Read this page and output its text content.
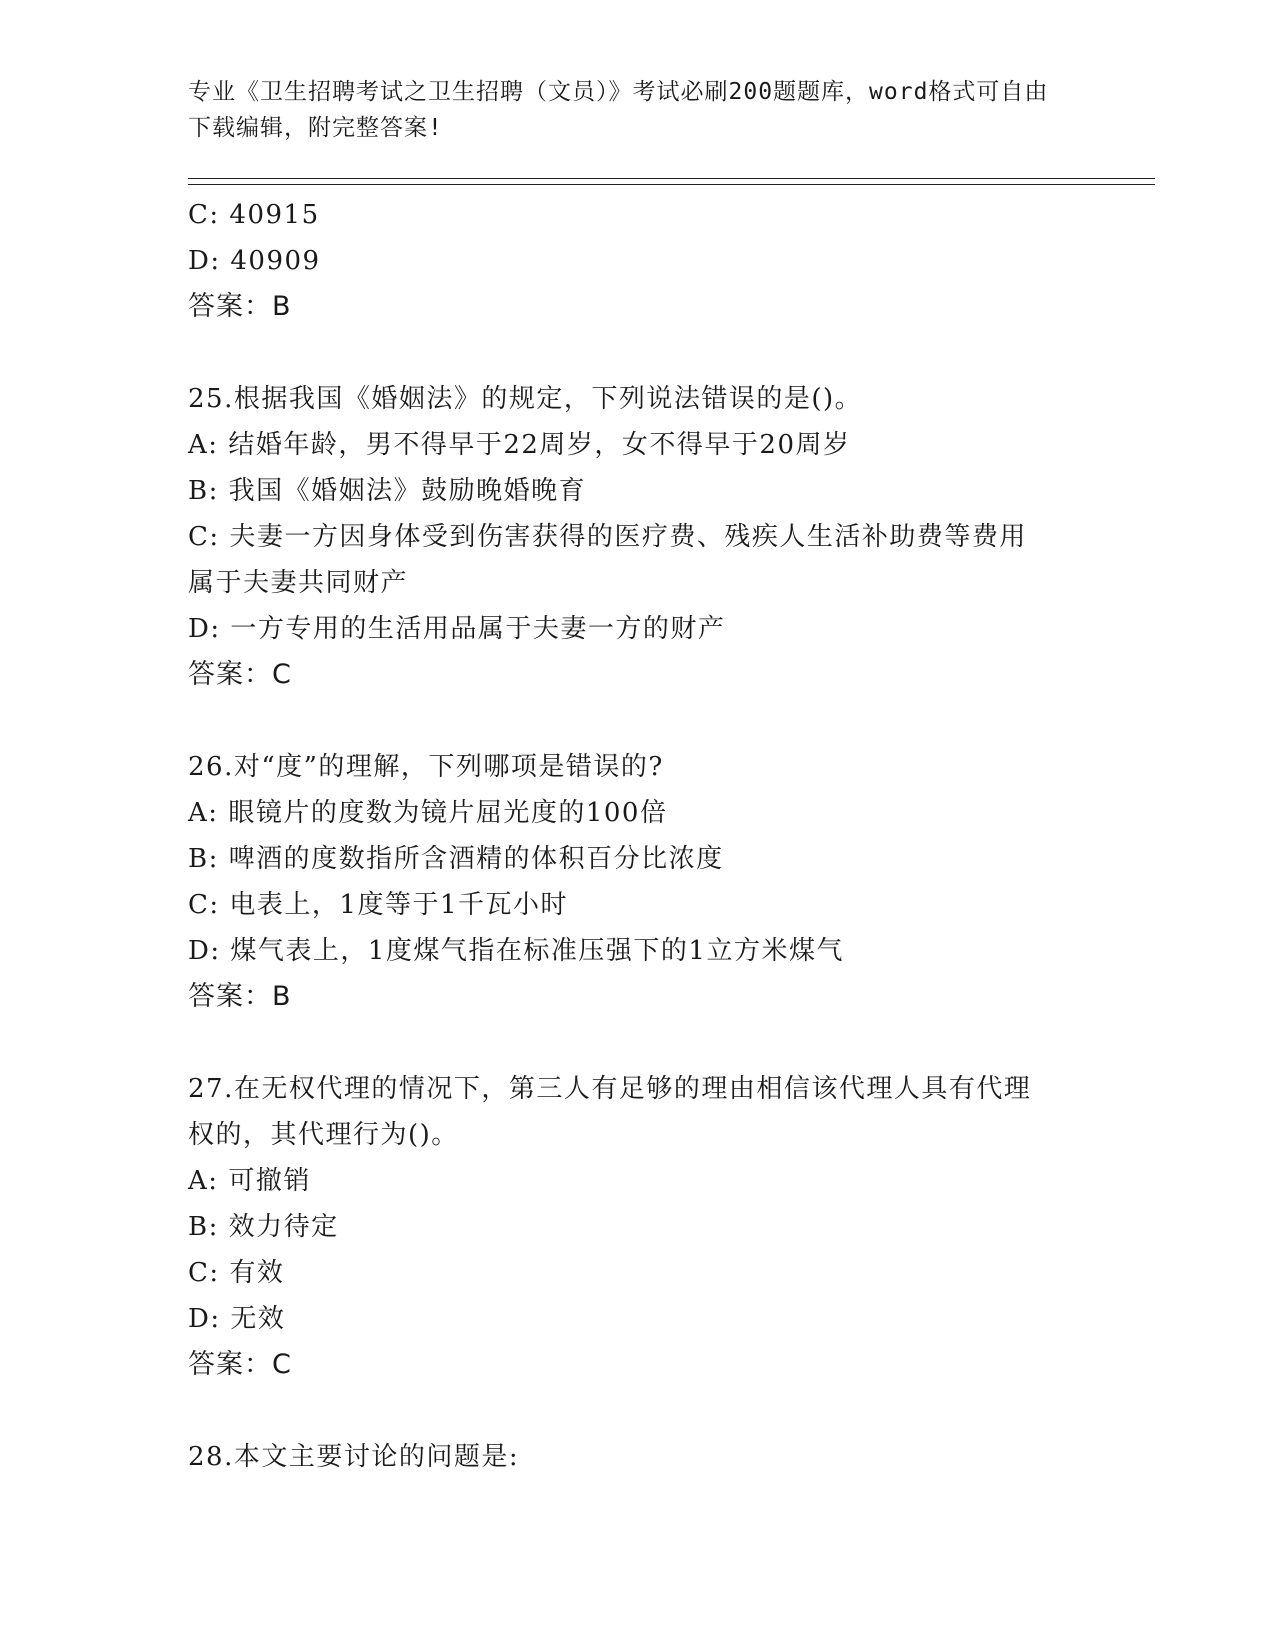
专业《卫生招聘考试之卫生招聘（文员）》考试必刷200题题库，word格式可自由下载编辑，附完整答案!
C: 40915
D: 40909
答案：B
25.根据我国《婚姻法》的规定，下列说法错误的是()。
A: 结婚年龄，男不得早于22周岁，女不得早于20周岁
B: 我国《婚姻法》鼓励晚婚晚育
C: 夫妻一方因身体受到伤害获得的医疗费、残疾人生活补助费等费用属于夫妻共同财产
D: 一方专用的生活用品属于夫妻一方的财产
答案：C
26.对“度”的理解，下列哪项是错误的?
A: 眼镜片的度数为镜片屈光度的100倍
B: 啤酒的度数指所含酒精的体积百分比浓度
C: 电表上，1度等于1千瓦小时
D: 煤气表上，1度煤气指在标准压强下的1立方米煤气
答案：B
27.在无权代理的情况下，第三人有足够的理由相信该代理人具有代理权的，其代理行为()。
A: 可撤销
B: 效力待定
C: 有效
D: 无效
答案：C
28.本文主要讨论的问题是:
